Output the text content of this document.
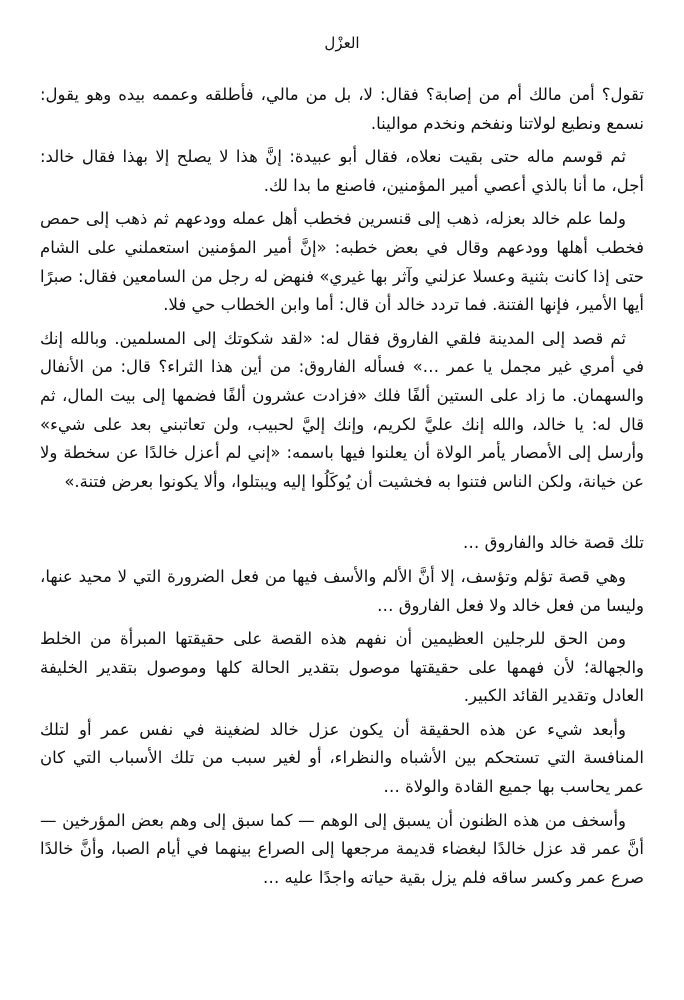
العزْل

تقول؟ أمن مالك أم من إصابة؟ فقال: لا، بل من مالي، فأطلقه وعممه بيده وهو يقول: نسمع ونطيع لولاتنا ونفخم ونخدم موالينا.

ثم قوسم ماله حتى بقيت نعلاه، فقال أبو عبيدة: إنَّ هذا لا يصلح إلا بهذا فقال خالد: أجل، ما أنا بالذي أعصي أمير المؤمنين، فاصنع ما بدا لك.

ولما علم خالد بعزله، ذهب إلى قنسرين فخطب أهل عمله وودعهم ثم ذهب إلى حمص فخطب أهلها وودعهم وقال في بعض خطبه: «إنَّ أمير المؤمنين استعملني على الشام حتى إذا كانت بثنية وعسلا عزلني وآثر بها غيري» فنهض له رجل من السامعين فقال: صبرًا أيها الأمير، فإنها الفتنة. فما تردد خالد أن قال: أما وابن الخطاب حي فلا.

ثم قصد إلى المدينة فلقي الفاروق فقال له: «لقد شكوتك إلى المسلمين. وبالله إنك في أمري غير مجمل يا عمر …» فسأله الفاروق: من أين هذا الثراء؟ قال: من الأنفال والسهمان. ما زاد على الستين ألفًا فلك «فزادت عشرون ألفًا فضمها إلى بيت المال، ثم قال له: يا خالد، والله إنك عليَّ لكريم، وإنك إليَّ لحبيب، ولن تعاتبني بعد على شيء» وأرسل إلى الأمصار يأمر الولاة أن يعلنوا فيها باسمه: «إني لم أعزل خالدًا عن سخطة ولا عن خيانة، ولكن الناس فتنوا به فخشيت أن يُوكَلُوا إليه ويبتلوا، وألا يكونوا بعرض فتنة.»

تلك قصة خالد والفاروق …

وهي قصة تؤلم وتؤسف، إلا أنَّ الألم والأسف فيها من فعل الضرورة التي لا محيد عنها، وليسا من فعل خالد ولا فعل الفاروق …

ومن الحق للرجلين العظيمين أن نفهم هذه القصة على حقيقتها المبرأة من الخلط والجهالة؛ لأن فهمها على حقيقتها موصول بتقدير الحالة كلها وموصول بتقدير الخليفة العادل وتقدير القائد الكبير.

وأبعد شيء عن هذه الحقيقة أن يكون عزل خالد لضغينة في نفس عمر أو لتلك المنافسة التي تستحكم بين الأشباه والنظراء، أو لغير سبب من تلك الأسباب التي كان عمر يحاسب بها جميع القادة والولاة …

وأسخف من هذه الظنون أن يسبق إلى الوهم — كما سبق إلى وهم بعض المؤرخين — أنَّ عمر قد عزل خالدًا لبغضاء قديمة مرجعها إلى الصراع بينهما في أيام الصبا، وأنَّ خالدًا صرع عمر وكسر ساقه فلم يزل بقية حياته واجدًا عليه …
